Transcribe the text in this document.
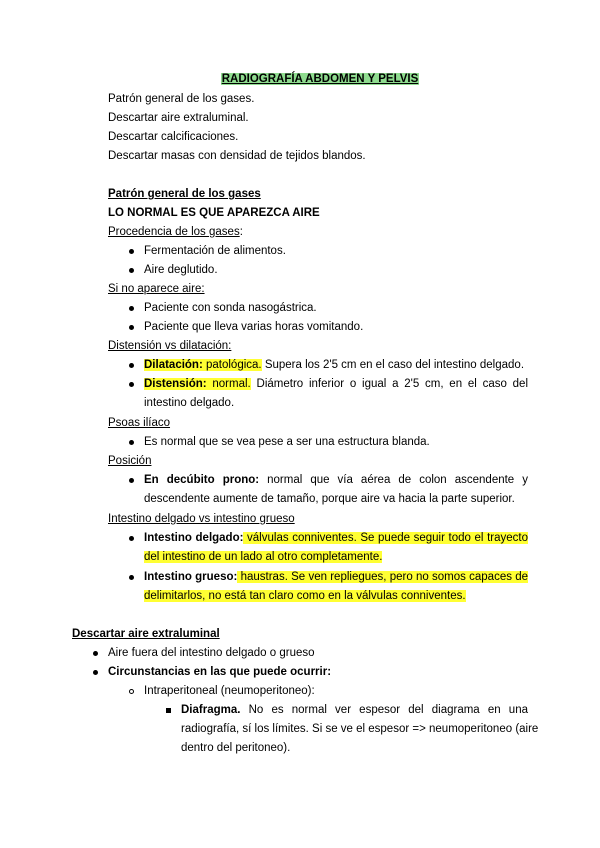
RADIOGRAFÍA ABDOMEN Y PELVIS
Patrón general de los gases.
Descartar aire extraluminal.
Descartar calcificaciones.
Descartar masas con densidad de tejidos blandos.
Patrón general de los gases
LO NORMAL ES QUE APAREZCA AIRE
Procedencia de los gases:
Fermentación de alimentos.
Aire deglutido.
Si no aparece aire:
Paciente con sonda nasogástrica.
Paciente que lleva varias horas vomitando.
Distensión vs dilatación:
Dilatación: patológica. Supera los 2'5 cm en el caso del intestino delgado.
Distensión: normal. Diámetro inferior o igual a 2'5 cm, en el caso del
intestino delgado.
Psoas ilíaco
Es normal que se vea pese a ser una estructura blanda.
Posición
En decúbito prono: normal que vía aérea de colon ascendente y
descendente aumente de tamaño, porque aire va hacia la parte superior.
Intestino delgado vs intestino grueso
Intestino delgado: válvulas conniventes. Se puede seguir todo el trayecto
del intestino de un lado al otro completamente.
Intestino grueso: haustras. Se ven repliegues, pero no somos capaces de
delimitarlos, no está tan claro como en la válvulas conniventes.
Descartar aire extraluminal
Aire fuera del intestino delgado o grueso
Circunstancias en las que puede ocurrir:
Intraperitoneal (neumoperitoneo):
Diafragma. No es normal ver espesor del diagrama en una
radiografía, sí los límites. Si se ve el espesor => neumoperitoneo (aire
dentro del peritoneo).
